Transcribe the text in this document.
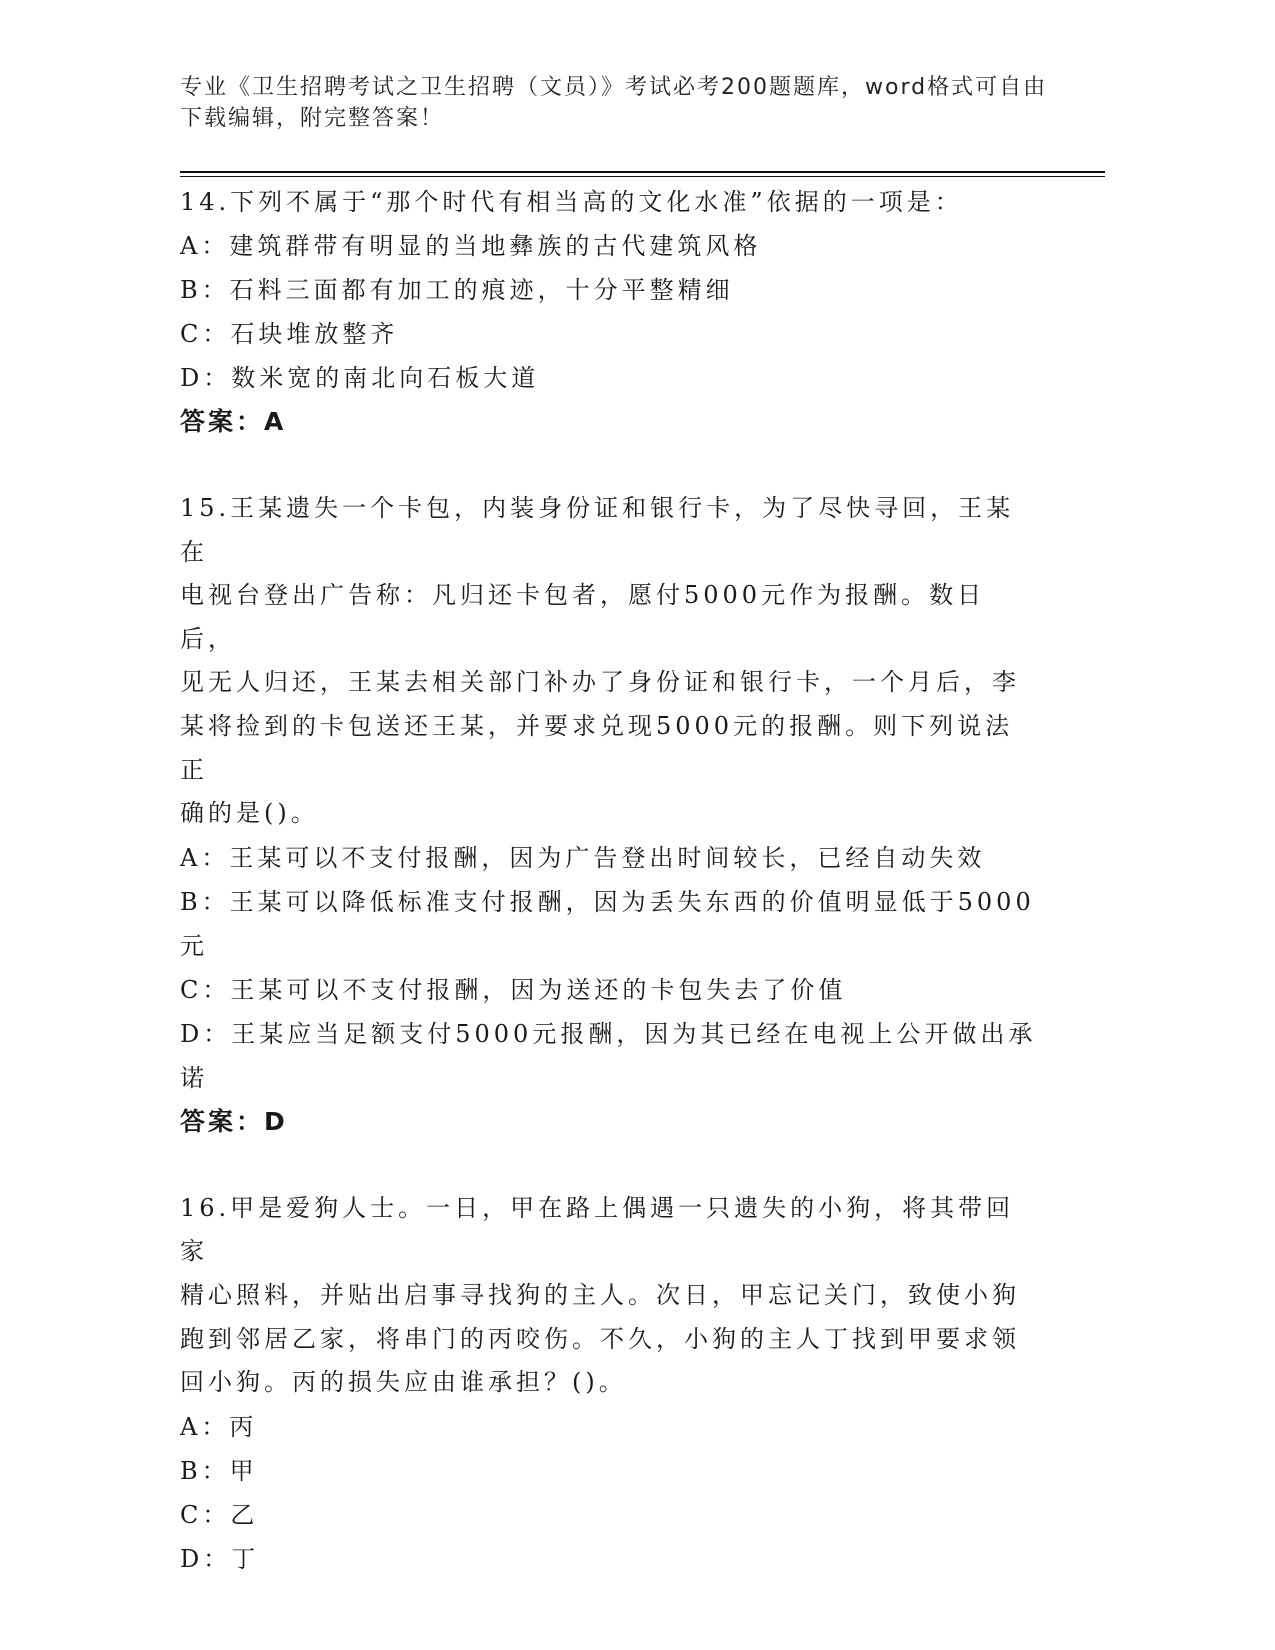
专业《卫生招聘考试之卫生招聘（文员）》考试必考200题题库，word格式可自由下载编辑，附完整答案！
14.下列不属于“那个时代有相当高的文化水准”依据的一项是：
A：建筑群带有明显的当地彝族的古代建筑风格
B：石料三面都有加工的痕迹，十分平整精细
C：石块堆放整齐
D：数米宽的南北向石板大道
答案：A
15.王某遗失一个卡包，内装身份证和银行卡，为了尽快寻回，王某在
电视台登出广告称：凡归还卡包者，愿付5000元作为报酬。数日后，
见无人归还，王某去相关部门补办了身份证和银行卡，一个月后，李
某将捡到的卡包送还王某，并要求兑现5000元的报酬。则下列说法正
确的是()。
A：王某可以不支付报酬，因为广告登出时间较长，已经自动失效
B：王某可以降低标准支付报酬，因为丢失东西的价值明显低于5000
元
C：王某可以不支付报酬，因为送还的卡包失去了价值
D：王某应当足额支付5000元报酬，因为其已经在电视上公开做出承
诺
答案：D
16.甲是爱狗人士。一日，甲在路上偶遇一只遗失的小狗，将其带回家
精心照料，并贴出启事寻找狗的主人。次日，甲忘记关门，致使小狗
跑到邻居乙家，将串门的丙咬伤。不久，小狗的主人丁找到甲要求领
回小狗。丙的损失应由谁承担？()。
A：丙
B：甲
C：乙
D：丁
